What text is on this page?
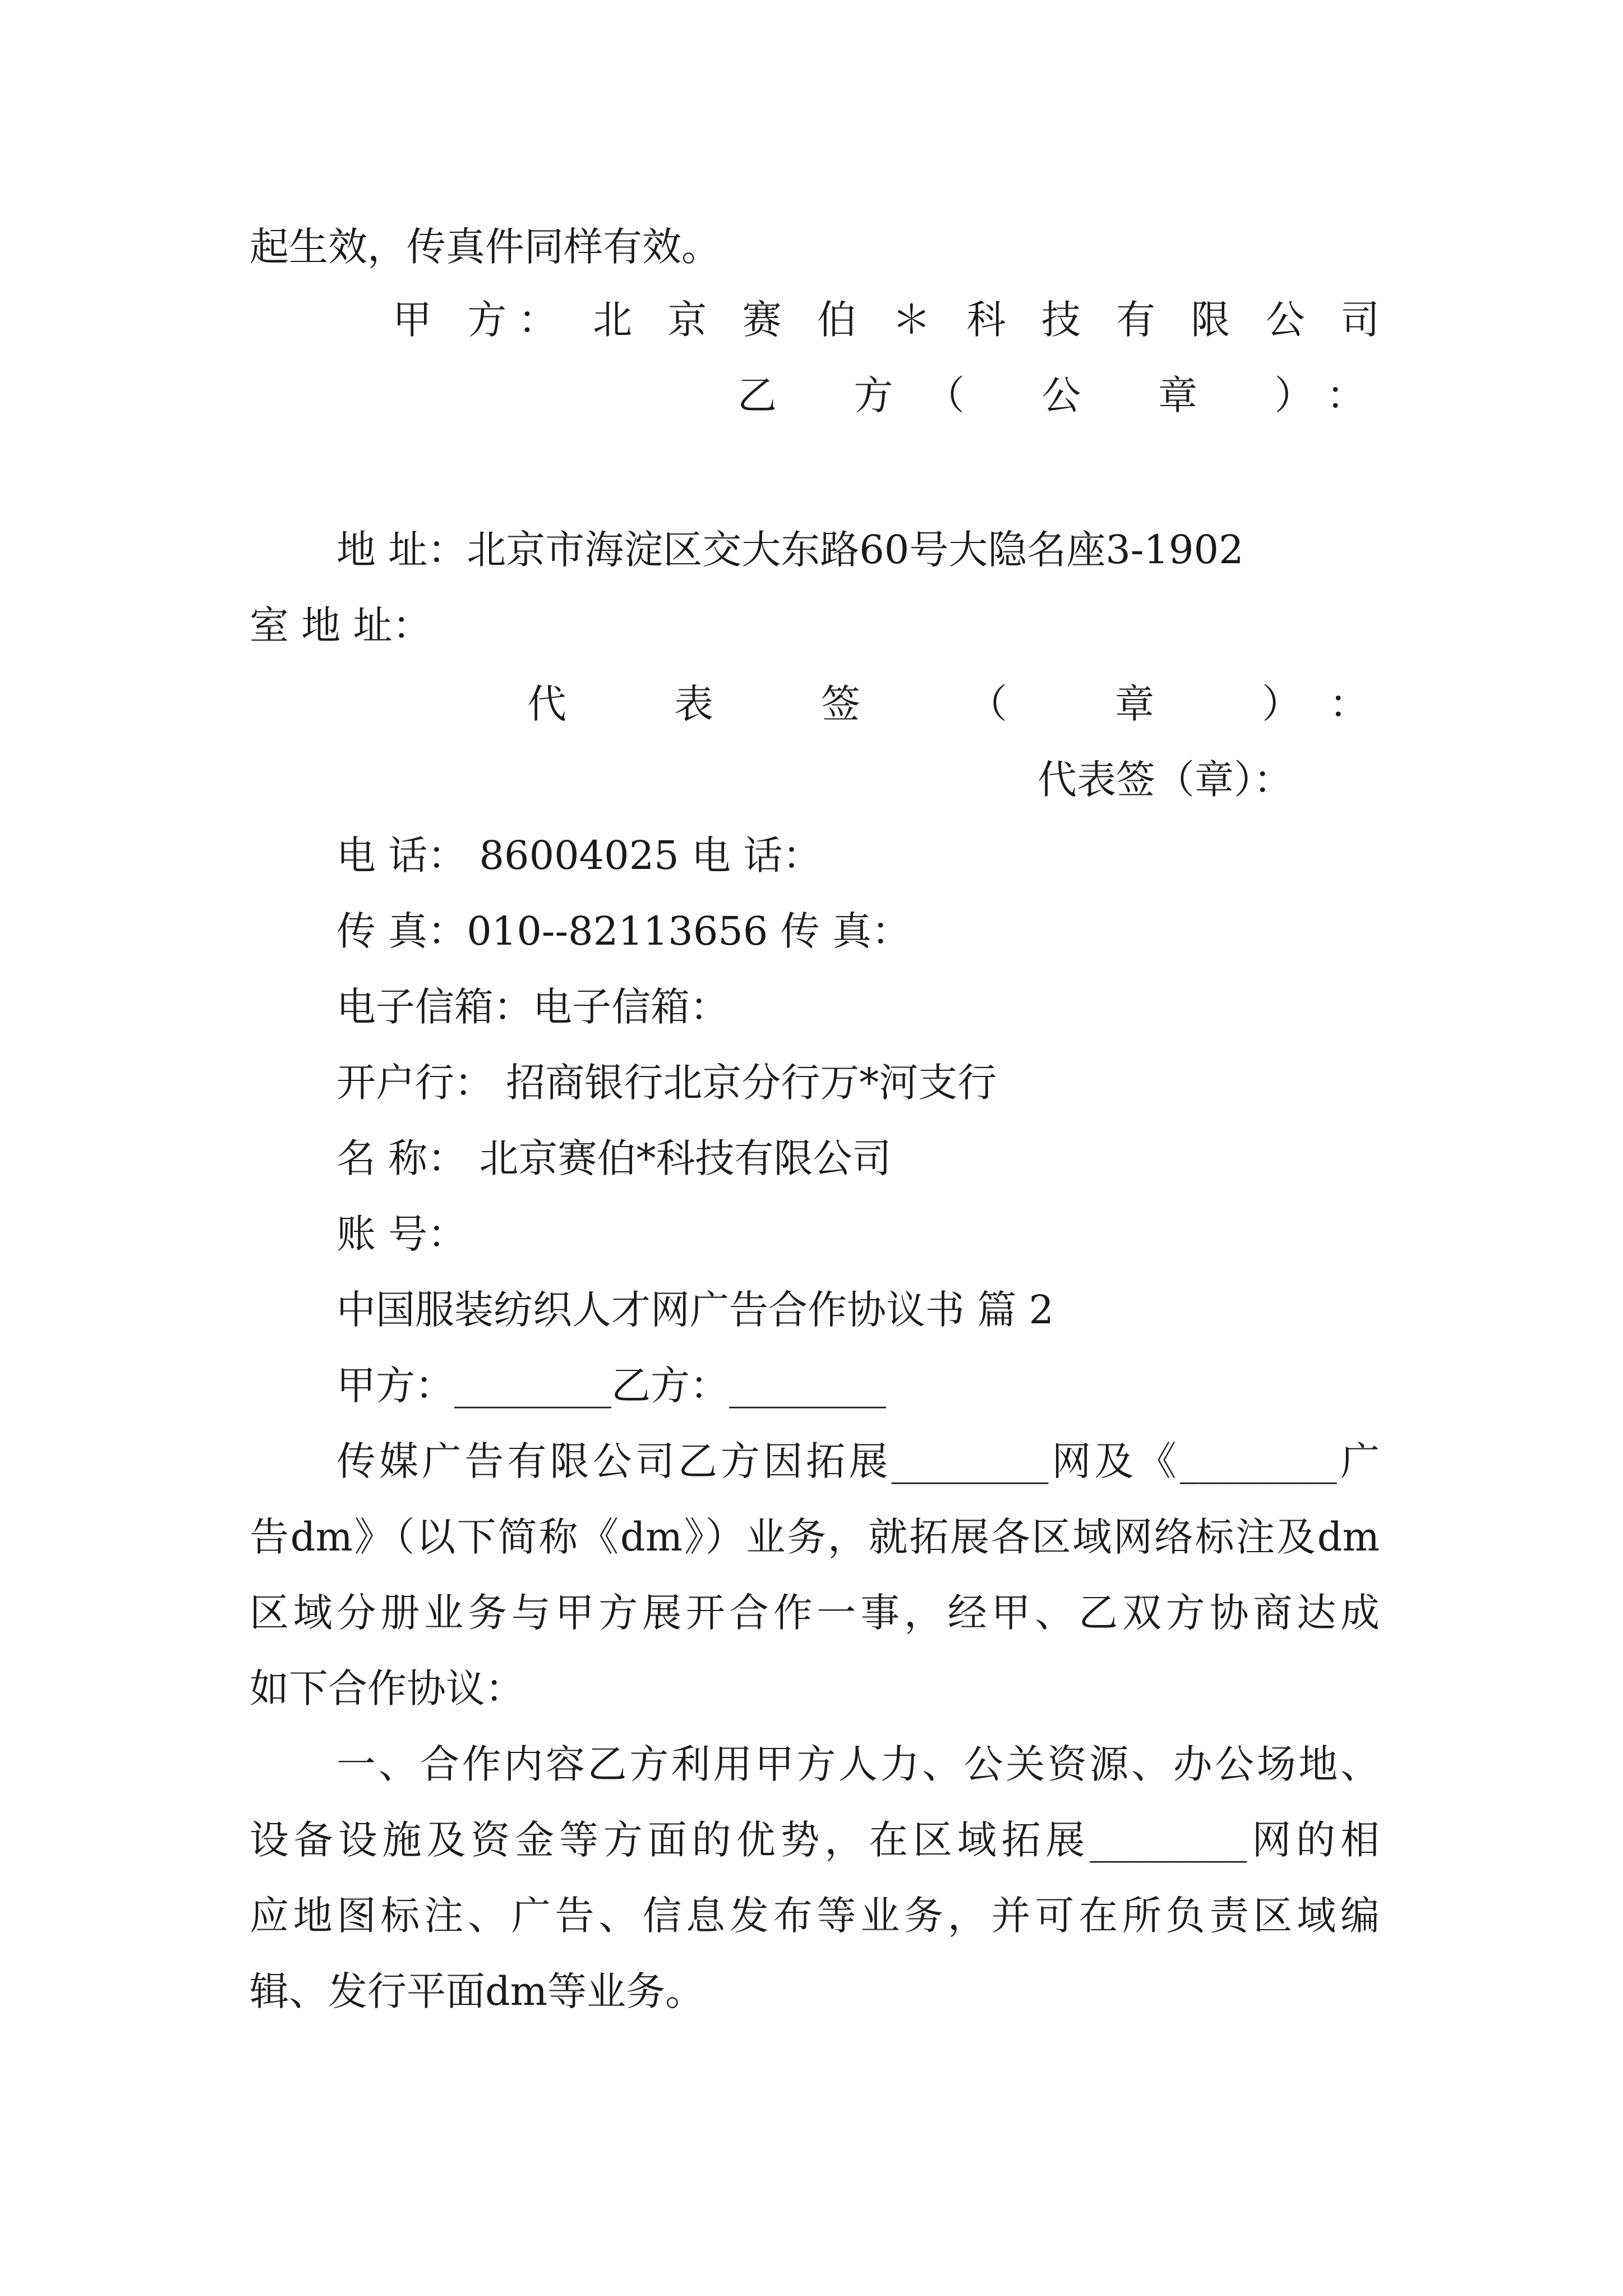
起生效，传真件同样有效。
甲 方： 北 京 赛 伯 ＊ 科 技 有 限 公 司
乙 方（ 公 章 ）：
地 址：北京市海淀区交大东路60号大隐名座3-1902
室 地 址：
代 表 签 （ 章 ）：
代表签（章）：
电 话： 86004025 电 话：
传 真：010--82113656 传 真：
电子信箱：电子信箱：
开户行： 招商银行北京分行万*河支行
名 称： 北京赛伯*科技有限公司
账 号：
中国服装纺织人才网广告合作协议书 篇 2
甲方：________乙方：________
传媒广告有限公司乙方因拓展________网及《________广
告dm》（以下简称《dm》）业务，就拓展各区域网络标注及dm
区域分册业务与甲方展开合作一事，经甲、乙双方协商达成
如下合作协议：
一、合作内容乙方利用甲方人力、公关资源、办公场地、
设备设施及资金等方面的优势，在区域拓展________网的相
应地图标注、广告、信息发布等业务，并可在所负责区域编
辑、发行平面dm等业务。
